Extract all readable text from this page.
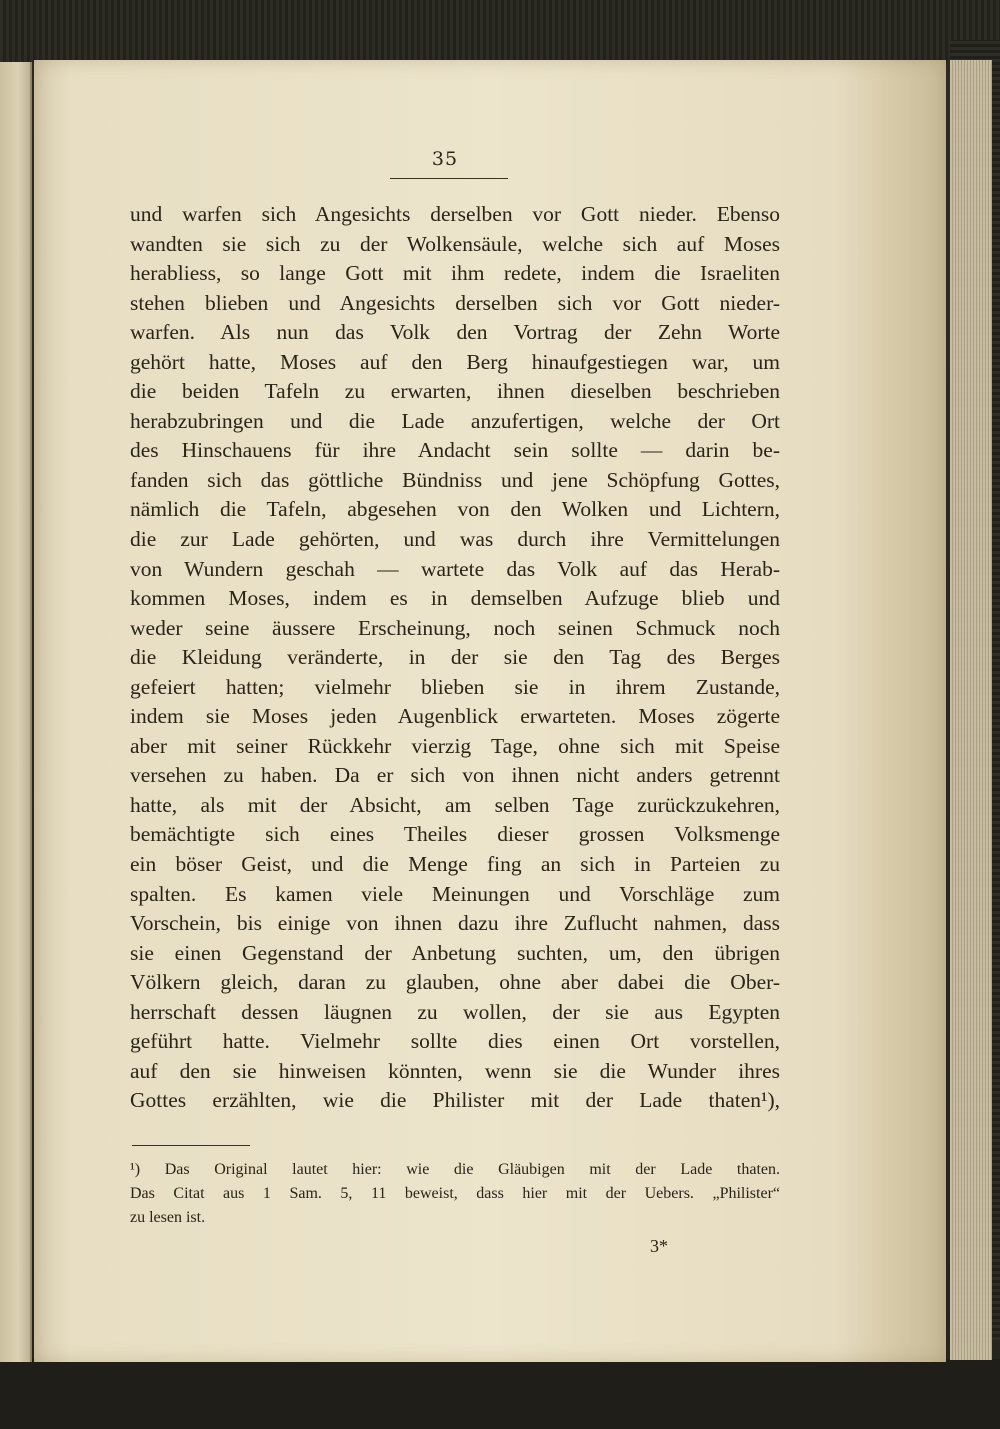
35
und warfen sich Angesichts derselben vor Gott nieder. Ebenso
wandten sie sich zu der Wolkensäule, welche sich auf Moses
herabliess, so lange Gott mit ihm redete, indem die Israeliten
stehen blieben und Angesichts derselben sich vor Gott nieder-
warfen. Als nun das Volk den Vortrag der Zehn Worte
gehört hatte, Moses auf den Berg hinaufgestiegen war, um
die beiden Tafeln zu erwarten, ihnen dieselben beschrieben
herabzubringen und die Lade anzufertigen, welche der Ort
des Hinschauens für ihre Andacht sein sollte — darin be-
fanden sich das göttliche Bündniss und jene Schöpfung Gottes,
nämlich die Tafeln, abgesehen von den Wolken und Lichtern,
die zur Lade gehörten, und was durch ihre Vermittelungen
von Wundern geschah — wartete das Volk auf das Herab-
kommen Moses, indem es in demselben Aufzuge blieb und
weder seine äussere Erscheinung, noch seinen Schmuck noch
die Kleidung veränderte, in der sie den Tag des Berges
gefeiert hatten; vielmehr blieben sie in ihrem Zustande,
indem sie Moses jeden Augenblick erwarteten. Moses zögerte
aber mit seiner Rückkehr vierzig Tage, ohne sich mit Speise
versehen zu haben. Da er sich von ihnen nicht anders getrennt
hatte, als mit der Absicht, am selben Tage zurückzukehren,
bemächtigte sich eines Theiles dieser grossen Volksmenge
ein böser Geist, und die Menge fing an sich in Parteien zu
spalten. Es kamen viele Meinungen und Vorschläge zum
Vorschein, bis einige von ihnen dazu ihre Zuflucht nahmen, dass
sie einen Gegenstand der Anbetung suchten, um, den übrigen
Völkern gleich, daran zu glauben, ohne aber dabei die Ober-
herrschaft dessen läugnen zu wollen, der sie aus Egypten
geführt hatte. Vielmehr sollte dies einen Ort vorstellen,
auf den sie hinweisen könnten, wenn sie die Wunder ihres
Gottes erzählten, wie die Philister mit der Lade thaten¹),
¹) Das Original lautet hier: wie die Gläubigen mit der Lade thaten.
Das Citat aus 1 Sam. 5, 11 beweist, dass hier mit der Uebers. „Philister“
zu lesen ist.
3*
